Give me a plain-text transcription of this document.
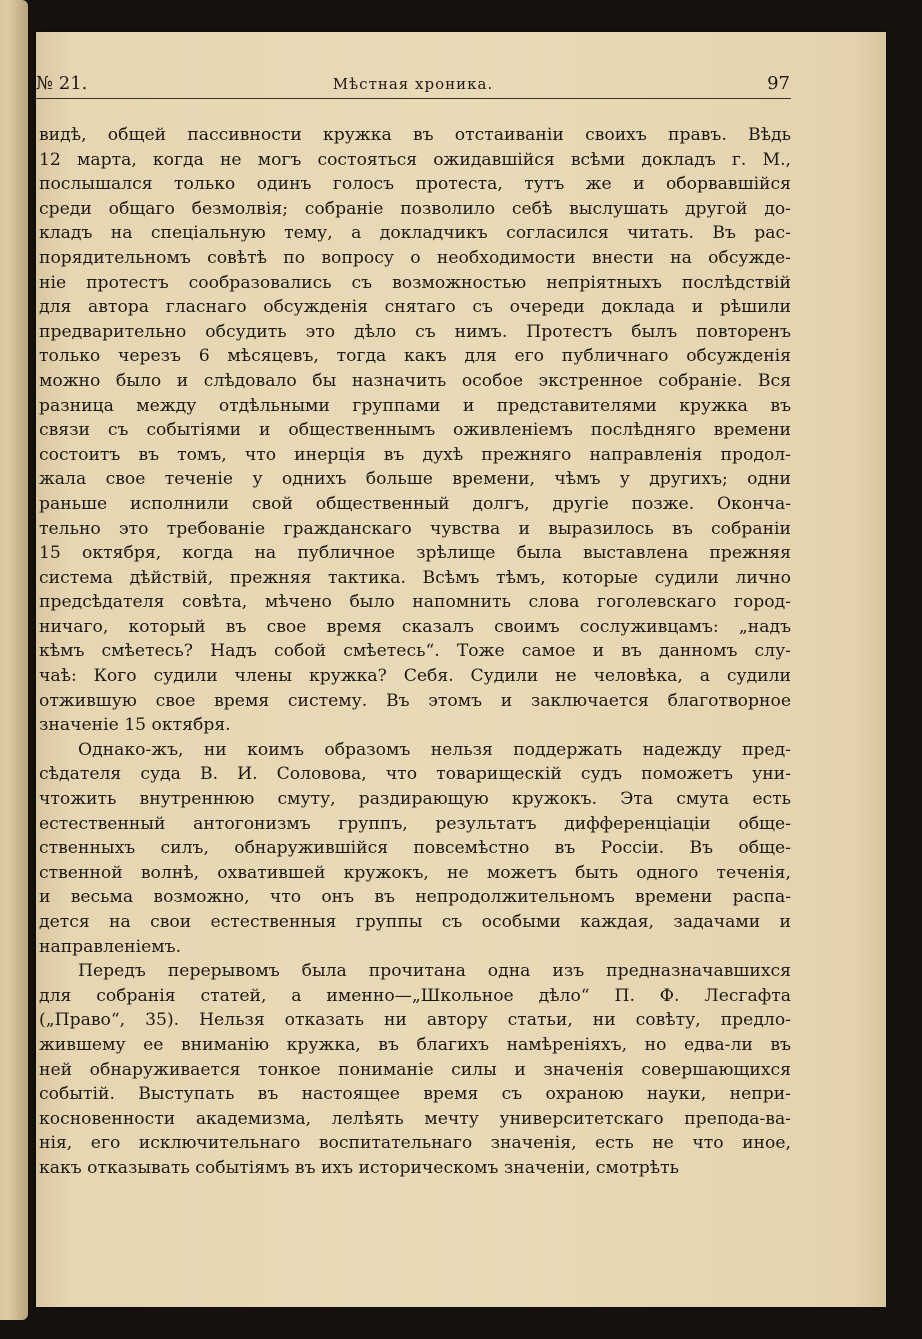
№ 21.	Мѣстная хроника.	97
видѣ, общей пассивности кружка въ отстаиваніи своихъ правъ. Вѣдь
12 марта, когда не могъ состояться ожидавшійся всѣми докладъ г. М.,
послышался только одинъ голосъ протеста, тутъ же и оборвавшійся
среди общаго безмолвія; собраніе позволило себѣ выслушать другой до-
кладъ на спеціальную тему, а докладчикъ согласился читать. Въ рас-
порядительномъ совѣтѣ по вопросу о необходимости внести на обсужде-
ніе протестъ сообразовались съ возможностью непріятныхъ послѣдствій
для автора гласнаго обсужденія снятаго съ очереди доклада и рѣшили
предварительно обсудить это дѣло съ нимъ. Протестъ былъ повторенъ
только черезъ 6 мѣсяцевъ, тогда какъ для его публичнаго обсужденія
можно было и слѣдовало бы назначить особое экстренное собраніе. Вся
разница между отдѣльными группами и представителями кружка въ
связи съ событіями и общественнымъ оживленіемъ послѣдняго времени
состоитъ въ томъ, что инерція въ духѣ прежняго направленія продол-
жала свое теченіе у однихъ больше времени, чѣмъ у другихъ; одни
раньше исполнили свой общественный долгъ, другіе позже. Оконча-
тельно это требованіе гражданскаго чувства и выразилось въ собраніи
15 октября, когда на публичное зрѣлище была выставлена прежняя
система дѣйствій, прежняя тактика. Всѣмъ тѣмъ, которые судили лично
предсѣдателя совѣта, мѣчено было напомнить слова гоголевскаго город-
ничаго, который въ свое время сказалъ своимъ сослуживцамъ: „надъ
кѣмъ смѣетесь? Надъ собой смѣетесь“. Тоже самое и въ данномъ слу-
чаѣ: Кого судили члены кружка? Себя. Судили не человѣка, а судили
отжившую свое время систему. Въ этомъ и заключается благотворное
значеніе 15 октября.
Однако-жъ, ни коимъ образомъ нельзя поддержать надежду пред-
сѣдателя суда В. И. Соловова, что товарищескій судъ поможетъ уни-
чтожить внутреннюю смуту, раздирающую кружокъ. Эта смута есть
естественный антогонизмъ группъ, результатъ дифференціаціи обще-
ственныхъ силъ, обнаружившійся повсемѣстно въ Россіи. Въ обще-
ственной волнѣ, охватившей кружокъ, не можетъ быть одного теченія,
и весьма возможно, что онъ въ непродолжительномъ времени распа-
дется на свои естественныя группы съ особыми каждая, задачами и
направленіемъ.
Передъ перерывомъ была прочитана одна изъ предназначавшихся
для собранія статей, а именно—„Школьное дѣло“ П. Ф. Лесгафта
(„Право“, 35). Нельзя отказать ни автору статьи, ни совѣту, предло-
жившему ее вниманію кружка, въ благихъ намѣреніяхъ, но едва-ли въ
ней обнаруживается тонкое пониманіе силы и значенія совершающихся
событій. Выступать въ настоящее время съ охраною науки, непри-
косновенности академизма, лелѣять мечту университетскаго препода-ва-
нія, его исключительнаго воспитательнаго значенія, есть не что иное,
какъ отказывать событіямъ въ ихъ историческомъ значеніи, смотрѣть
